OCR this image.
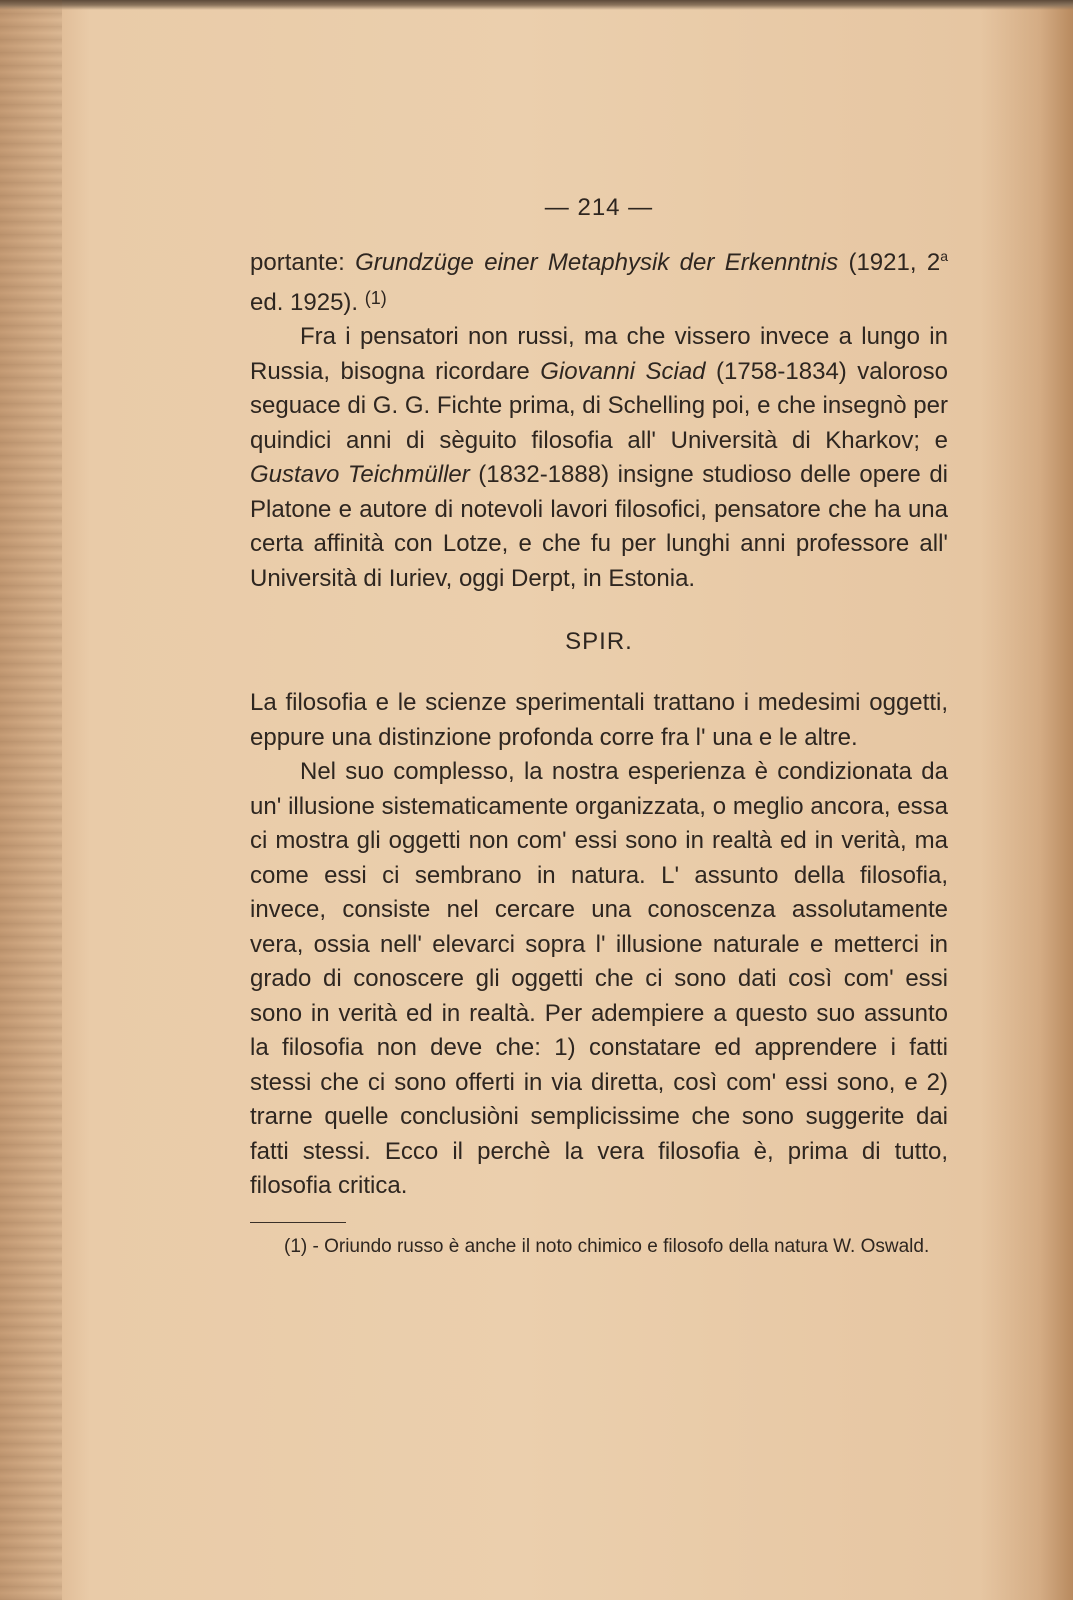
— 214 —

portante: Grundzüge einer Metaphysik der Erkenntnis (1921, 2$^a$ ed. 1925). $^{(1)}$

Fra i pensatori non russi, ma che vissero invece a lungo in Russia, bisogna ricordare Giovanni Sciad (1758-1834) valoroso seguace di G. G. Fichte prima, di Schelling poi, e che insegnò per quindici anni di sèguito filosofia all' Università di Kharkov; e Gustavo Teichmüller (1832-1888) insigne studioso delle opere di Platone e autore di notevoli lavori filosofici, pensatore che ha una certa affinità con Lotze, e che fu per lunghi anni professore all' Università di Iuriev, oggi Derpt, in Estonia.

SPIR.

La filosofia e le scienze sperimentali trattano i medesimi oggetti, eppure una distinzione profonda corre fra l' una e le altre.

Nel suo complesso, la nostra esperienza è condizionata da un' illusione sistematicamente organizzata, o meglio ancora, essa ci mostra gli oggetti non com' essi sono in realtà ed in verità, ma come essi ci sembrano in natura. L' assunto della filosofia, invece, consiste nel cercare una conoscenza assolutamente vera, ossia nell' elevarci sopra l' illusione naturale e metterci in grado di conoscere gli oggetti che ci sono dati così com' essi sono in verità ed in realtà. Per adempiere a questo suo assunto la filosofia non deve che: 1) constatare ed apprendere i fatti stessi che ci sono offerti in via diretta, così com' essi sono, e 2) trarne quelle conclusiòni semplicissime che sono suggerite dai fatti stessi. Ecco il perchè la vera filosofia è, prima di tutto, filosofia critica.

(1) - Oriundo russo è anche il noto chimico e filosofo della natura W. Oswald.
